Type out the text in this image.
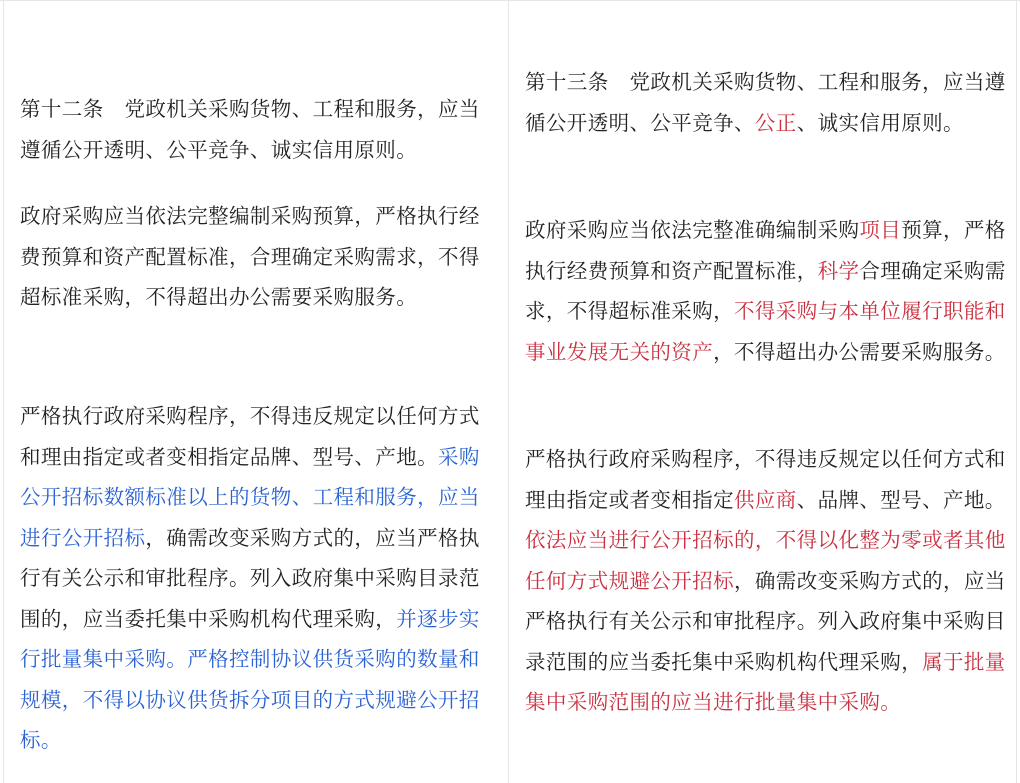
第十二条　党政机关采购货物、工程和服务，应当遵循公开透明、公平竞争、诚实信用原则。

政府采购应当依法完整编制采购预算，严格执行经费预算和资产配置标准，合理确定采购需求，不得超标准采购，不得超出办公需要采购服务。

严格执行政府采购程序，不得违反规定以任何方式和理由指定或者变相指定品牌、型号、产地。采购公开招标数额标准以上的货物、工程和服务，应当进行公开招标，确需改变采购方式的，应当严格执行有关公示和审批程序。列入政府集中采购目录范围的，应当委托集中采购机构代理采购，并逐步实行批量集中采购。严格控制协议供货采购的数量和规模，不得以协议供货拆分项目的方式规避公开招标。

第十三条　党政机关采购货物、工程和服务，应当遵循公开透明、公平竞争、公正、诚实信用原则。

政府采购应当依法完整准确编制采购项目预算，严格执行经费预算和资产配置标准，科学合理确定采购需求，不得超标准采购，不得采购与本单位履行职能和事业发展无关的资产，不得超出办公需要采购服务。

严格执行政府采购程序，不得违反规定以任何方式和理由指定或者变相指定供应商、品牌、型号、产地。依法应当进行公开招标的，不得以化整为零或者其他任何方式规避公开招标，确需改变采购方式的，应当严格执行有关公示和审批程序。列入政府集中采购目录范围的应当委托集中采购机构代理采购，属于批量集中采购范围的应当进行批量集中采购。
